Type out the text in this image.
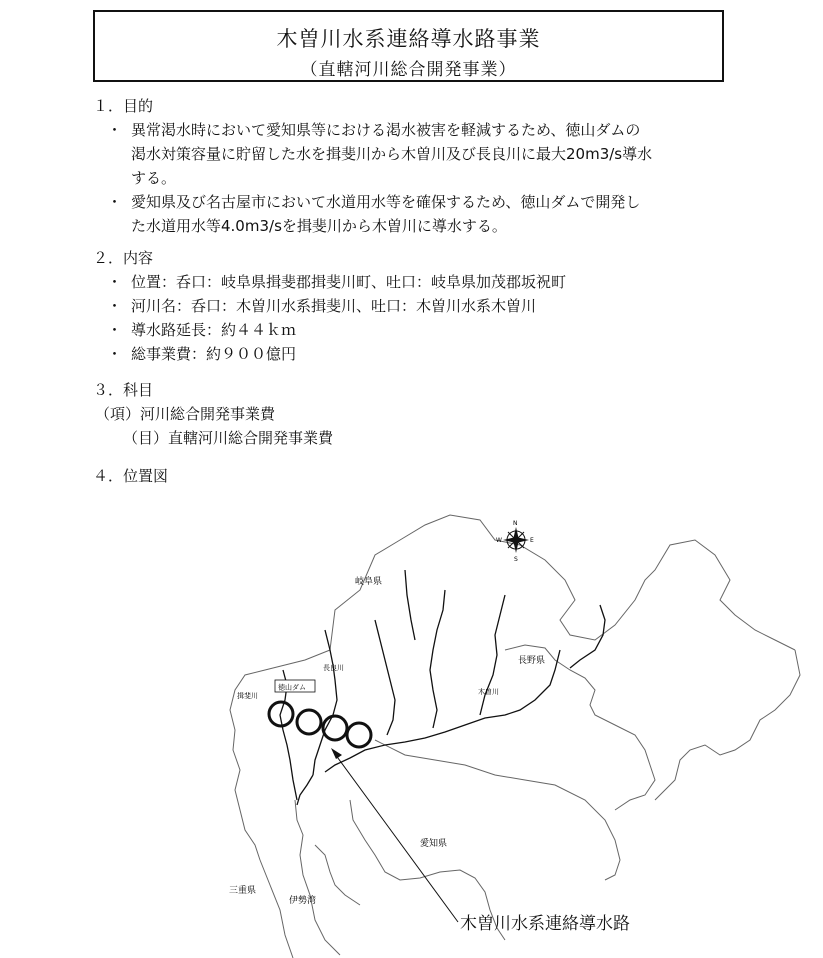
木曽川水系連絡導水路事業
（直轄河川総合開発事業）
１．目的
・ 異常渇水時において愛知県等における渇水被害を軽減するため、徳山ダムの
渇水対策容量に貯留した水を揖斐川から木曽川及び長良川に最大20m3/s導水
する。
・ 愛知県及び名古屋市において水道用水等を確保するため、徳山ダムで開発し
た水道用水等4.0m3/sを揖斐川から木曽川に導水する。
２．内容
・ 位置：呑口：岐阜県揖斐郡揖斐川町、吐口：岐阜県加茂郡坂祝町
・ 河川名：呑口：木曽川水系揖斐川、吐口：木曽川水系木曽川
・ 導水路延長：約４４ｋｍ
・ 総事業費：約９００億円
３．科目
（項）河川総合開発事業費
（目）直轄河川総合開発事業費
４．位置図
N
E
W
S
岐阜県
長野県
愛知県
三重県
伊勢湾
長良川
木曽川
揖斐川
徳山ダム
木曽川水系連絡導水路
